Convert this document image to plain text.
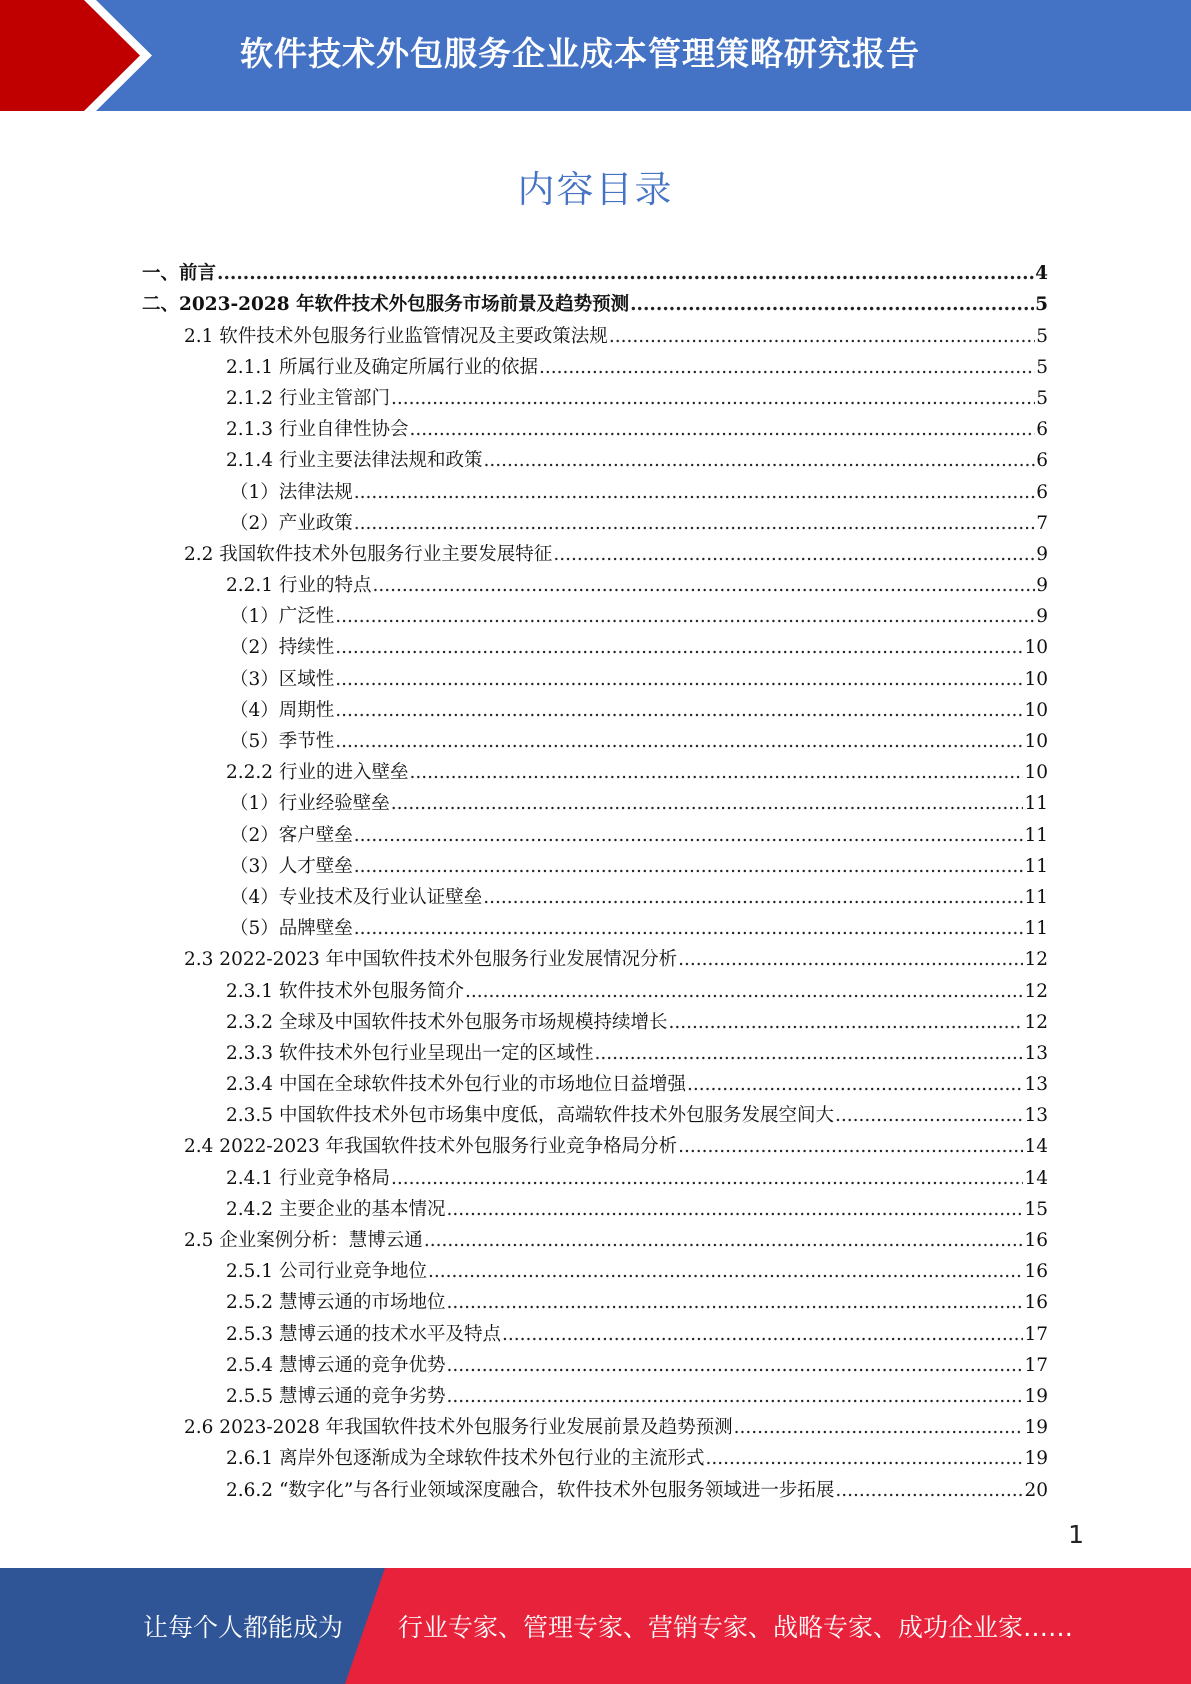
软件技术外包服务企业成本管理策略研究报告
内容目录
一、前言 .....	4
二、2023-2028 年软件技术外包服务市场前景及趋势预测 .....	5
2.1 软件技术外包服务行业监管情况及主要政策法规 .....	5
2.1.1 所属行业及确定所属行业的依据 .....	5
2.1.2 行业主管部门 .....	5
2.1.3 行业自律性协会 .....	6
2.1.4 行业主要法律法规和政策 .....	6
（1）法律法规 .....	6
（2）产业政策 .....	7
2.2 我国软件技术外包服务行业主要发展特征 .....	9
2.2.1 行业的特点 .....	9
（1）广泛性 .....	9
（2）持续性 .....	10
（3）区域性 .....	10
（4）周期性 .....	10
（5）季节性 .....	10
2.2.2 行业的进入壁垒 .....	10
（1）行业经验壁垒 .....	11
（2）客户壁垒 .....	11
（3）人才壁垒 .....	11
（4）专业技术及行业认证壁垒 .....	11
（5）品牌壁垒 .....	11
2.3 2022-2023 年中国软件技术外包服务行业发展情况分析 .....	12
2.3.1 软件技术外包服务简介 .....	12
2.3.2 全球及中国软件技术外包服务市场规模持续增长 .....	12
2.3.3 软件技术外包行业呈现出一定的区域性 .....	13
2.3.4 中国在全球软件技术外包行业的市场地位日益增强 .....	13
2.3.5 中国软件技术外包市场集中度低，高端软件技术外包服务发展空间大 .....	13
2.4 2022-2023 年我国软件技术外包服务行业竞争格局分析 .....	14
2.4.1 行业竞争格局 .....	14
2.4.2 主要企业的基本情况 .....	15
2.5 企业案例分析：慧博云通 .....	16
2.5.1 公司行业竞争地位 .....	16
2.5.2 慧博云通的市场地位 .....	16
2.5.3 慧博云通的技术水平及特点 .....	17
2.5.4 慧博云通的竞争优势 .....	17
2.5.5 慧博云通的竞争劣势 .....	19
2.6 2023-2028 年我国软件技术外包服务行业发展前景及趋势预测 .....	19
2.6.1 离岸外包逐渐成为全球软件技术外包行业的主流形式 .....	19
2.6.2 “数字化”与各行业领域深度融合，软件技术外包服务领域进一步拓展 .....	20
1
让每个人都能成为 行业专家、管理专家、营销专家、战略专家、成功企业家……
